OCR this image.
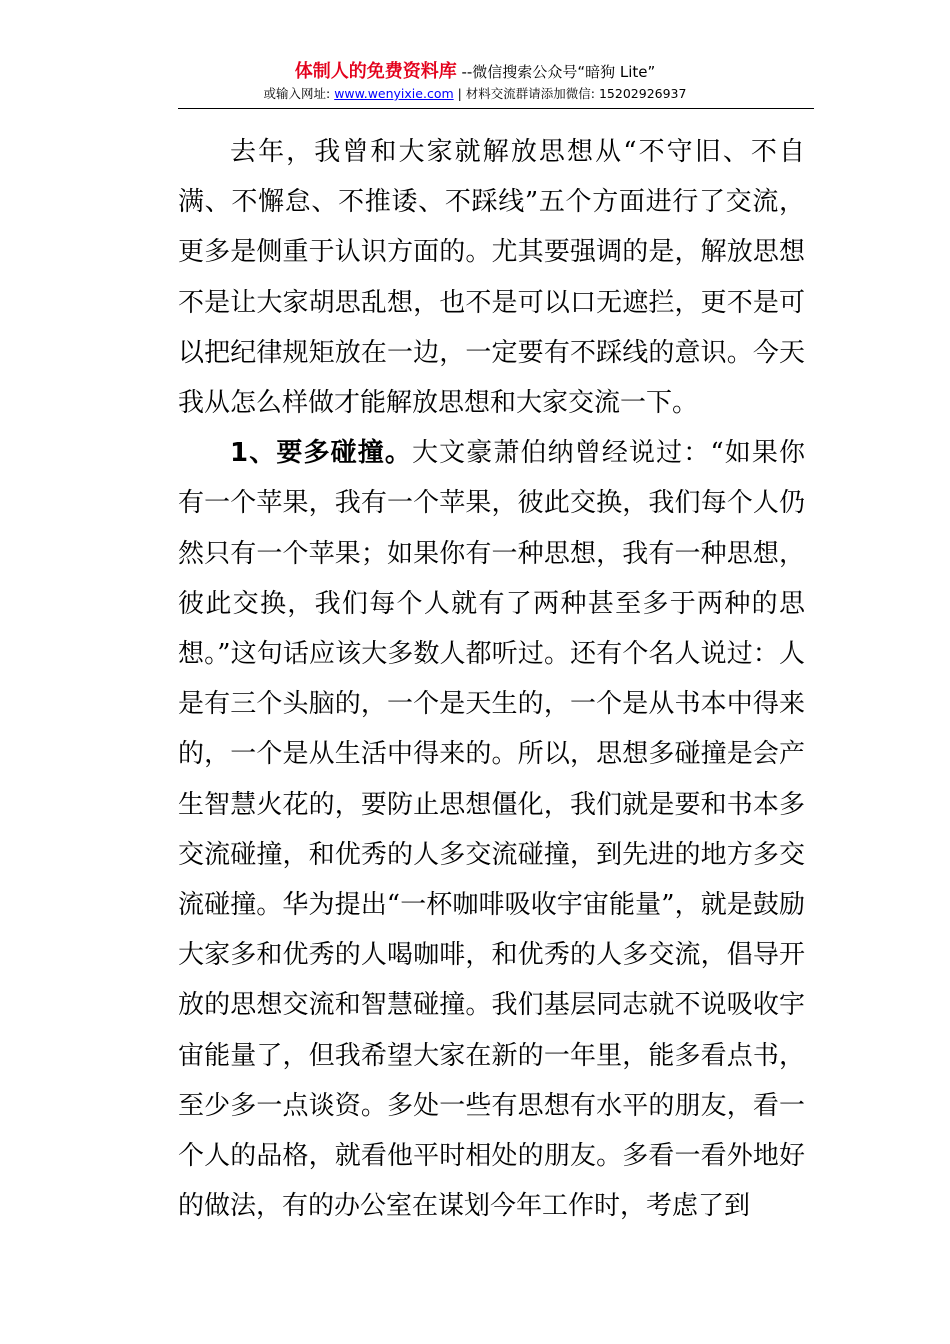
体制人的免费资料库 --微信搜索公众号“暗狗 Lite”
或输入网址: www.wenyixie.com | 材料交流群请添加微信: 15202926937

去年，我曾和大家就解放思想从“不守旧、不自满、不懈怠、不推诿、不踩线”五个方面进行了交流，更多是侧重于认识方面的。尤其要强调的是，解放思想不是让大家胡思乱想，也不是可以口无遮拦，更不是可以把纪律规矩放在一边，一定要有不踩线的意识。今天我从怎么样做才能解放思想和大家交流一下。

1、要多碰撞。大文豪萧伯纳曾经说过：“如果你有一个苹果，我有一个苹果，彼此交换，我们每个人仍然只有一个苹果；如果你有一种思想，我有一种思想，彼此交换，我们每个人就有了两种甚至多于两种的思想。”这句话应该大多数人都听过。还有个名人说过：人是有三个头脑的，一个是天生的，一个是从书本中得来的，一个是从生活中得来的。所以，思想多碰撞是会产生智慧火花的，要防止思想僵化，我们就是要和书本多交流碰撞，和优秀的人多交流碰撞，到先进的地方多交流碰撞。华为提出“一杯咖啡吸收宇宙能量”，就是鼓励大家多和优秀的人喝咖啡，和优秀的人多交流，倡导开放的思想交流和智慧碰撞。我们基层同志就不说吸收宇宙能量了，但我希望大家在新的一年里，能多看点书，至少多一点谈资。多处一些有思想有水平的朋友，看一个人的品格，就看他平时相处的朋友。多看一看外地好的做法，有的办公室在谋划今年工作时，考虑了到
